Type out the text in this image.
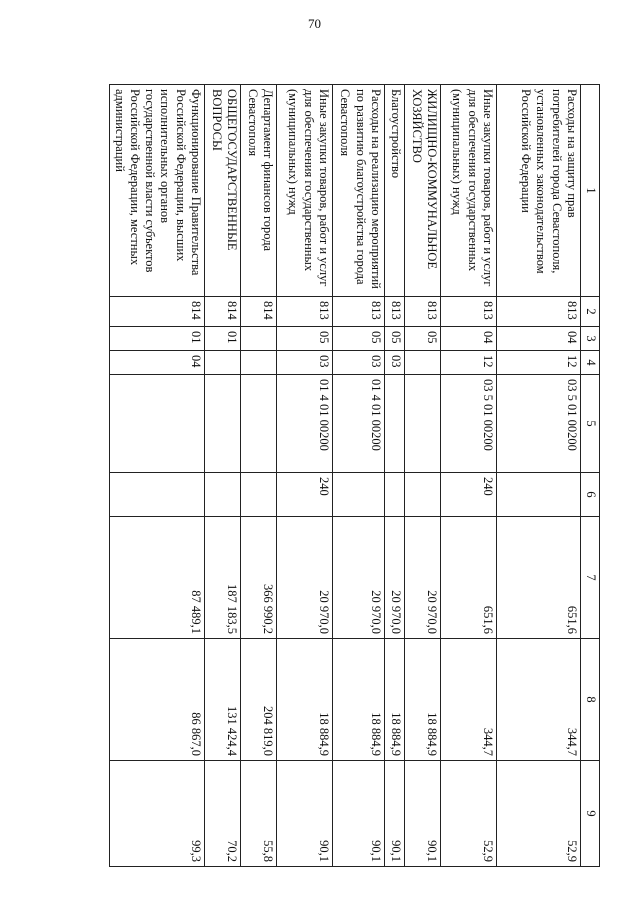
70
1	2	3	4	5	6	7	8	9
Расходы на защиту прав потребителей города Севастополя, установленных законодательством Российской Федерации	813	04	12	03 5 01 00200		651,6	344,7	52,9
Иные закупки товаров, работ и услуг для обеспечения государственных (муниципальных) нужд	813	04	12	03 5 01 00200	240	651,6	344,7	52,9
ЖИЛИЩНО-КОММУНАЛЬНОЕ ХОЗЯЙСТВО	813	05				20 970,0	18 884,9	90,1
Благоустройство	813	05	03			20 970,0	18 884,9	90,1
Расходы на реализацию мероприятий по развитию благоустройства города Севастополя	813	05	03	01 4 01 00200		20 970,0	18 884,9	90,1
Иные закупки товаров, работ и услуг для обеспечения государственных (муниципальных) нужд	813	05	03	01 4 01 00200	240	20 970,0	18 884,9	90,1
Департамент финансов города Севастополя	814					366 990,2	204 819,0	55,8
ОБЩЕГОСУДАРСТВЕННЫЕ ВОПРОСЫ	814	01				187 183,5	131 424,4	70,2
Функционирование Правительства Российской Федерации, высших исполнительных органов государственной власти субъектов Российской Федерации, местных администраций	814	01	04			87 489,1	86 867,0	99,3
